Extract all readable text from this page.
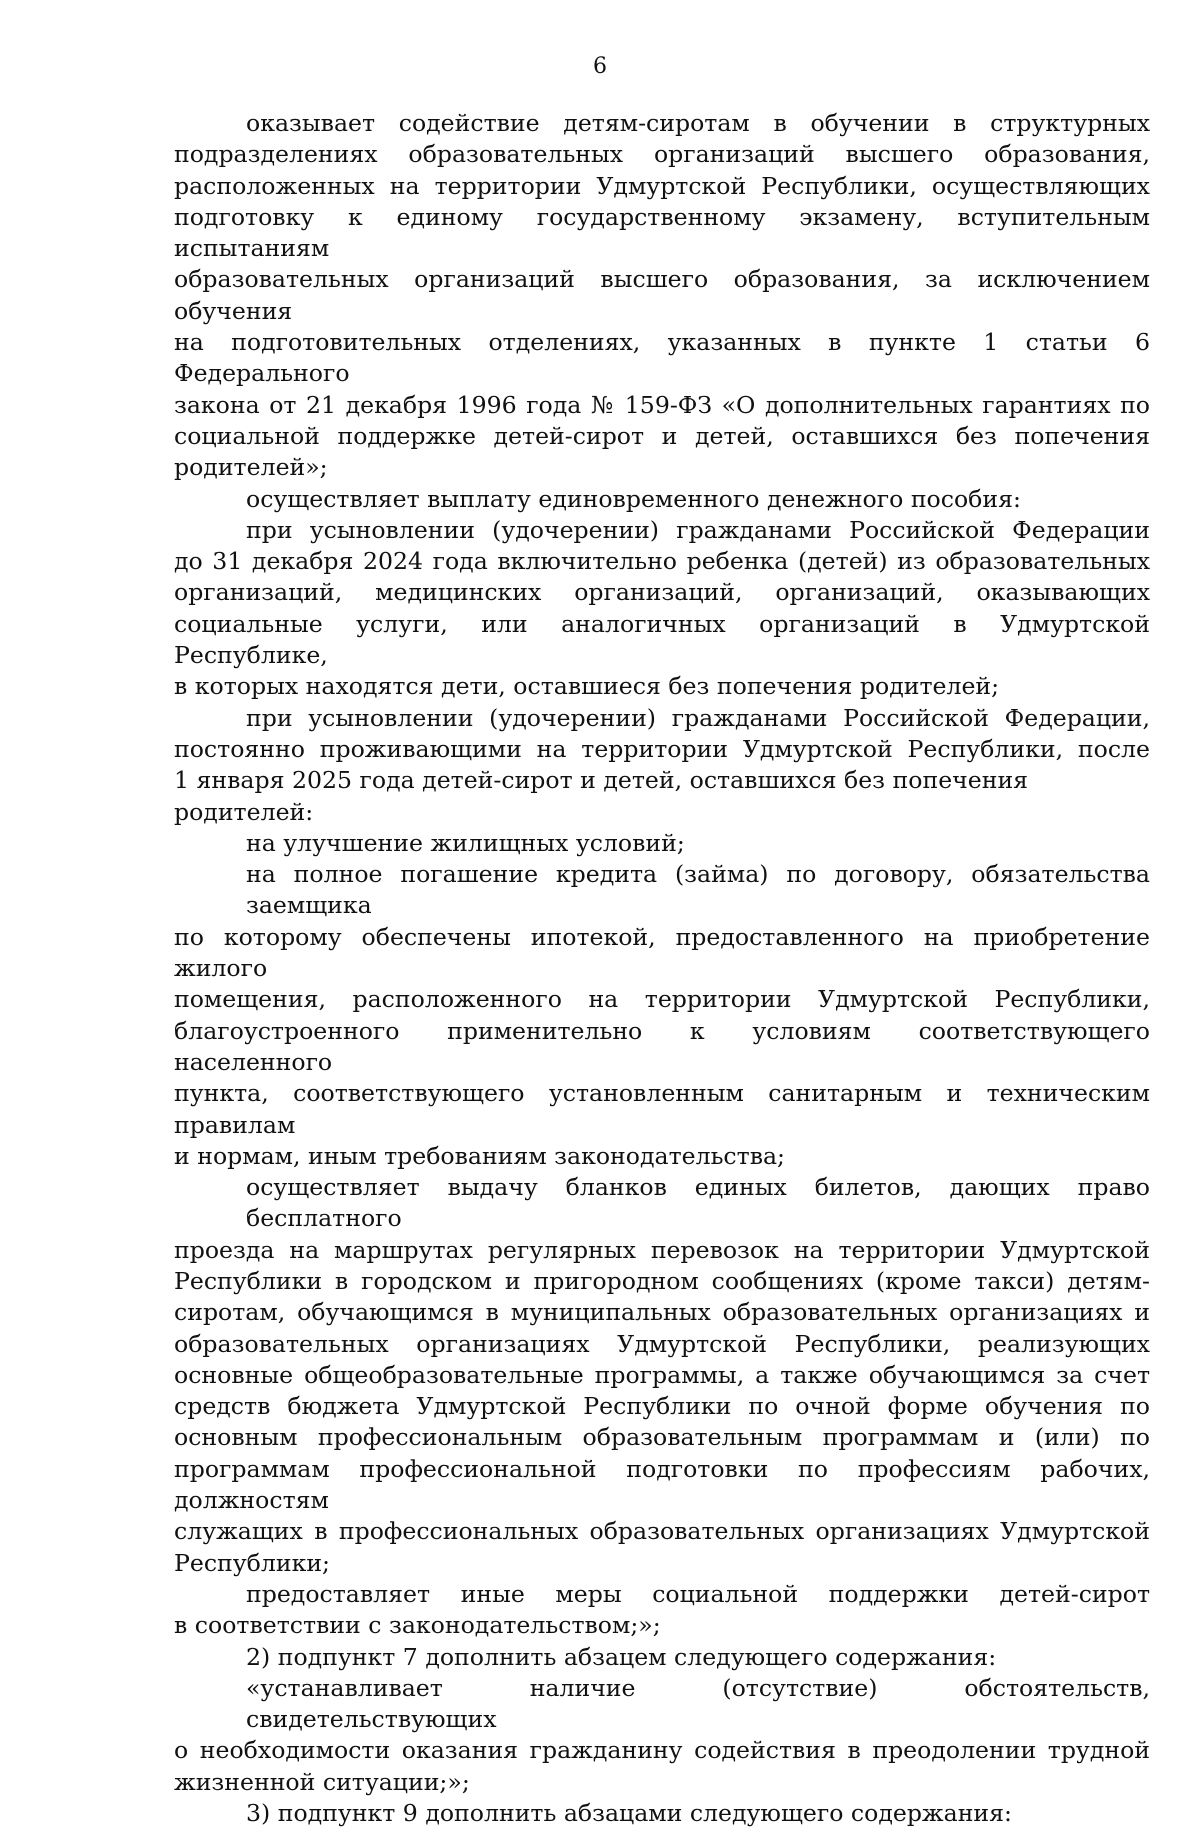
6
оказывает содействие детям-сиротам в обучении в структурных
подразделениях образовательных организаций высшего образования,
расположенных на территории Удмуртской Республики, осуществляющих
подготовку к единому государственному экзамену, вступительным испытаниям
образовательных организаций высшего образования, за исключением обучения
на подготовительных отделениях, указанных в пункте 1 статьи 6 Федерального
закона от 21 декабря 1996 года № 159-ФЗ «О дополнительных гарантиях по
социальной поддержке детей-сирот и детей, оставшихся без попечения
родителей»;
осуществляет выплату единовременного денежного пособия:
при усыновлении (удочерении) гражданами Российской Федерации
до 31 декабря 2024 года включительно ребенка (детей) из образовательных
организаций, медицинских организаций, организаций, оказывающих
социальные услуги, или аналогичных организаций в Удмуртской Республике,
в которых находятся дети, оставшиеся без попечения родителей;
при усыновлении (удочерении) гражданами Российской Федерации,
постоянно проживающими на территории Удмуртской Республики, после
1 января 2025 года детей-сирот и детей, оставшихся без попечения родителей:
на улучшение жилищных условий;
на полное погашение кредита (займа) по договору, обязательства заемщика
по которому обеспечены ипотекой, предоставленного на приобретение жилого
помещения, расположенного на территории Удмуртской Республики,
благоустроенного применительно к условиям соответствующего населенного
пункта, соответствующего установленным санитарным и техническим правилам
и нормам, иным требованиям законодательства;
осуществляет выдачу бланков единых билетов, дающих право бесплатного
проезда на маршрутах регулярных перевозок на территории Удмуртской
Республики в городском и пригородном сообщениях (кроме такси) детям-
сиротам, обучающимся в муниципальных образовательных организациях и
образовательных организациях Удмуртской Республики, реализующих
основные общеобразовательные программы, а также обучающимся за счет
средств бюджета Удмуртской Республики по очной форме обучения по
основным профессиональным образовательным программам и (или) по
программам профессиональной подготовки по профессиям рабочих, должностям
служащих в профессиональных образовательных организациях Удмуртской
Республики;
предоставляет иные меры социальной поддержки детей-сирот
в соответствии с законодательством;»;
2) подпункт 7 дополнить абзацем следующего содержания:
«устанавливает наличие (отсутствие) обстоятельств, свидетельствующих
о необходимости оказания гражданину содействия в преодолении трудной
жизненной ситуации;»;
3) подпункт 9 дополнить абзацами следующего содержания:
